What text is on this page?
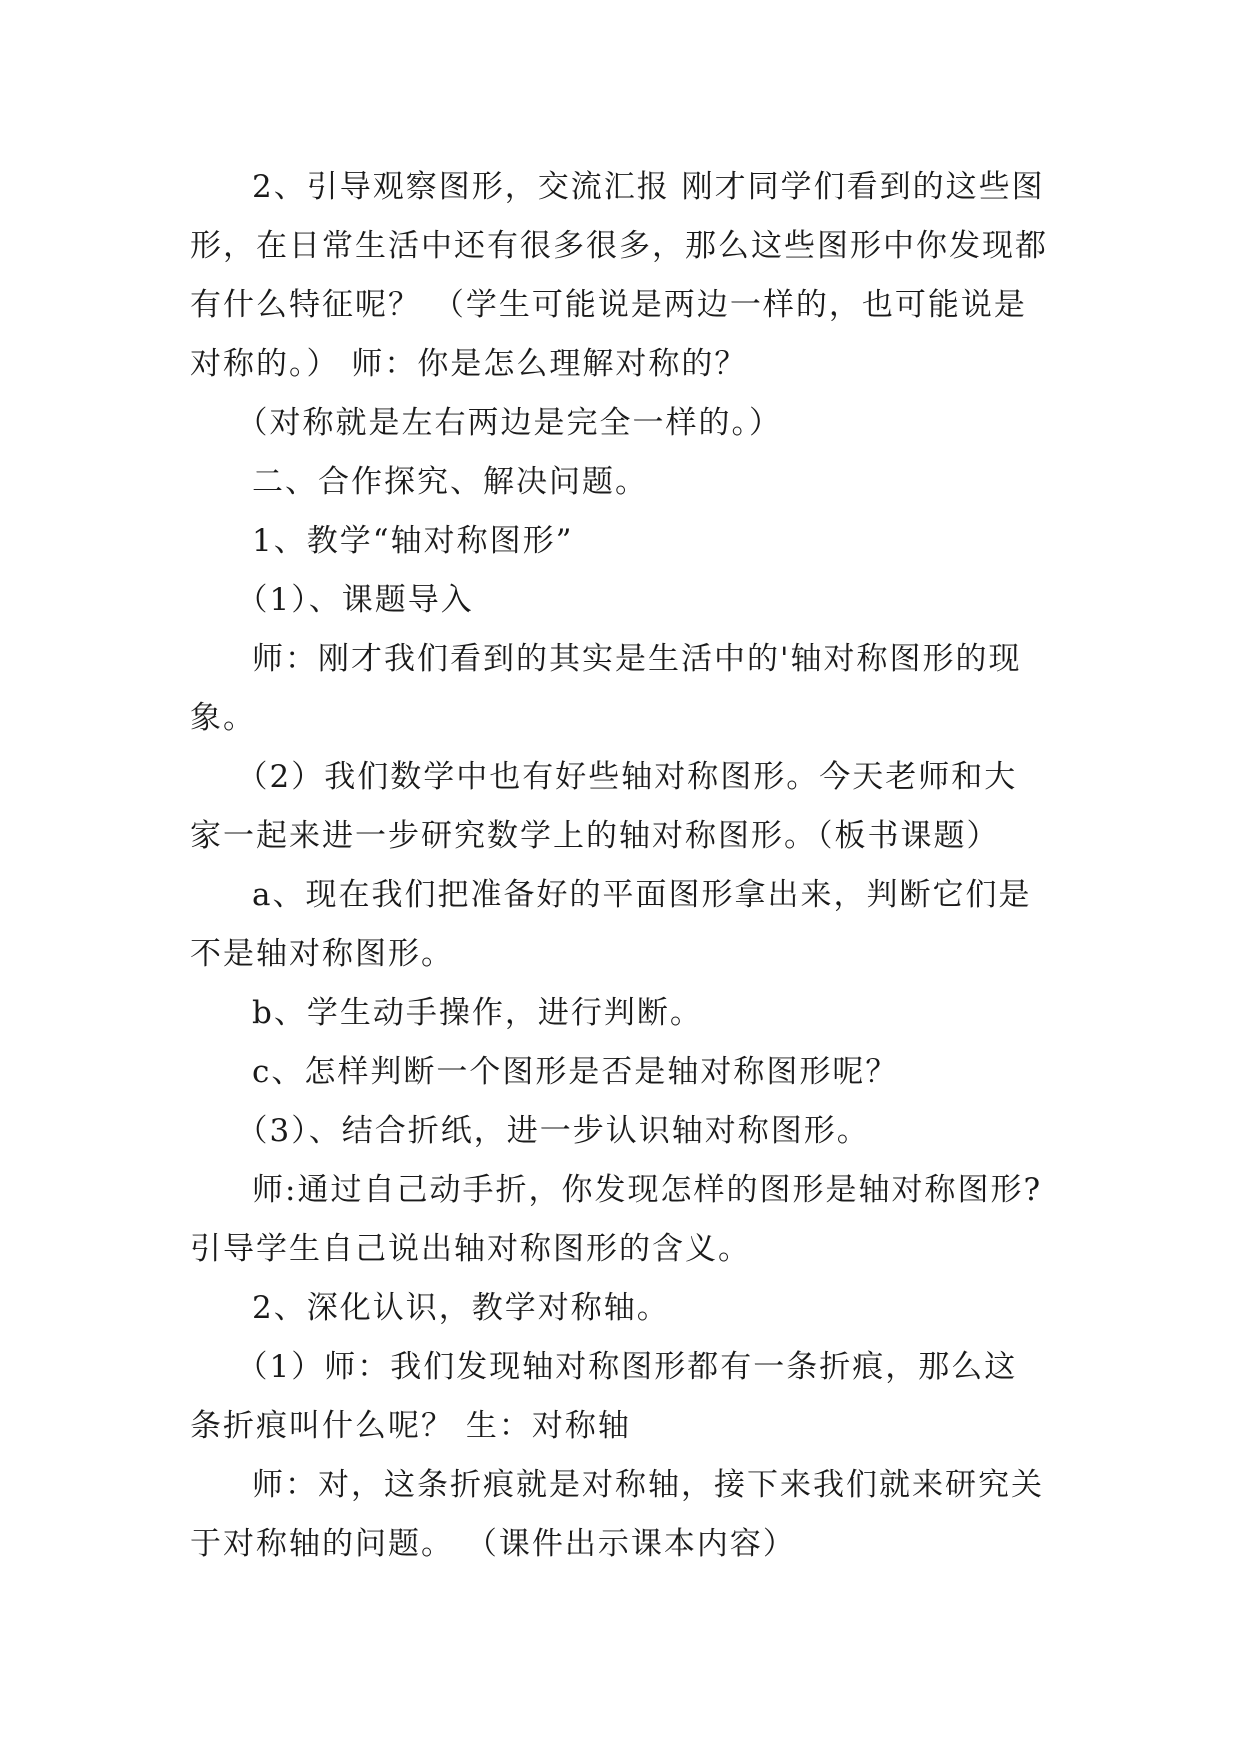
2、引导观察图形，交流汇报 刚才同学们看到的这些图形，在日常生活中还有很多很多，那么这些图形中你发现都有什么特征呢？ （学生可能说是两边一样的，也可能说是对称的。） 师：你是怎么理解对称的？

（对称就是左右两边是完全一样的。）

二、合作探究、解决问题。

1、教学“轴对称图形”

（1）、课题导入

师：刚才我们看到的其实是生活中的'轴对称图形的现象。

（2）我们数学中也有好些轴对称图形。今天老师和大家一起来进一步研究数学上的轴对称图形。（板书课题）

a、现在我们把准备好的平面图形拿出来，判断它们是不是轴对称图形。

b、学生动手操作，进行判断。

c、怎样判断一个图形是否是轴对称图形呢？

（3）、结合折纸，进一步认识轴对称图形。

师:通过自己动手折，你发现怎样的图形是轴对称图形?引导学生自己说出轴对称图形的含义。

2、深化认识，教学对称轴。

（1）师：我们发现轴对称图形都有一条折痕，那么这条折痕叫什么呢？ 生：对称轴

师：对，这条折痕就是对称轴，接下来我们就来研究关于对称轴的问题。 （课件出示课本内容）
